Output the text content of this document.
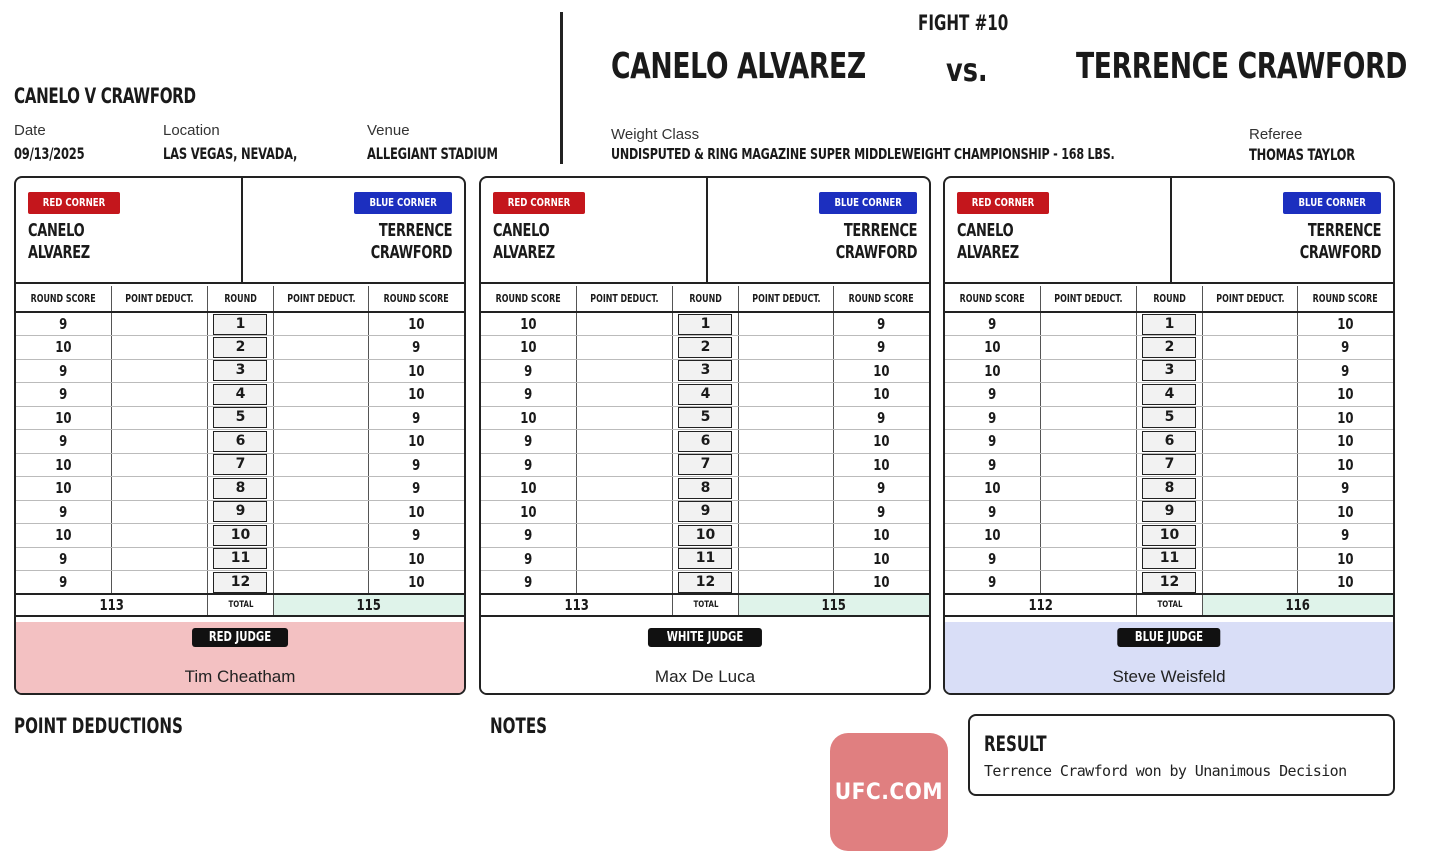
CANELO V CRAWFORD
Date
09/13/2025
Location
LAS VEGAS, NEVADA,
Venue
ALLEGIANT STADIUM
FIGHT #10
CANELO ALVAREZ	vs. TERRENCE CRAWFORD
Weight Class
UNDISPUTED & RING MAGAZINE SUPER MIDDLEWEIGHT CHAMPIONSHIP - 168 LBS.
Referee
THOMAS TAYLOR
RED CORNER	BLUE CORNER
CANELO
ALVAREZ
TERRENCE
CRAWFORD
ROUND SCORE	POINT DEDUCT.	ROUND	POINT DEDUCT.	ROUND SCORE
9		1		10
10		2		9
9		3		10
9		4		10
10		5		9
9		6		10
10		7		9
10		8		9
9		9		10
10		10		9
9		11		10
9		12		10
113		TOTAL	115	
RED JUDGE
Tim Cheatham
RED CORNER	BLUE CORNER
CANELO
ALVAREZ
TERRENCE
CRAWFORD
ROUND SCORE	POINT DEDUCT.	ROUND	POINT DEDUCT.	ROUND SCORE
10		1		9
10		2		9
9		3		10
9		4		10
10		5		9
9		6		10
9		7		10
10		8		9
10		9		9
9		10		10
9		11		10
9		12		10
113		TOTAL	115	
WHITE JUDGE
Max De Luca
RED CORNER	BLUE CORNER
CANELO
ALVAREZ
TERRENCE
CRAWFORD
ROUND SCORE	POINT DEDUCT.	ROUND	POINT DEDUCT.	ROUND SCORE
9		1		10
10		2		9
10		3		9
9		4		10
9		5		10
9		6		10
9		7		10
10		8		9
9		9		10
10		10		9
9		11		10
9		12		10
112		TOTAL	116	
BLUE JUDGE
Steve Weisfeld
POINT DEDUCTIONS	NOTES
UFC.COM
RESULT
Terrence Crawford won by Unanimous Decision
